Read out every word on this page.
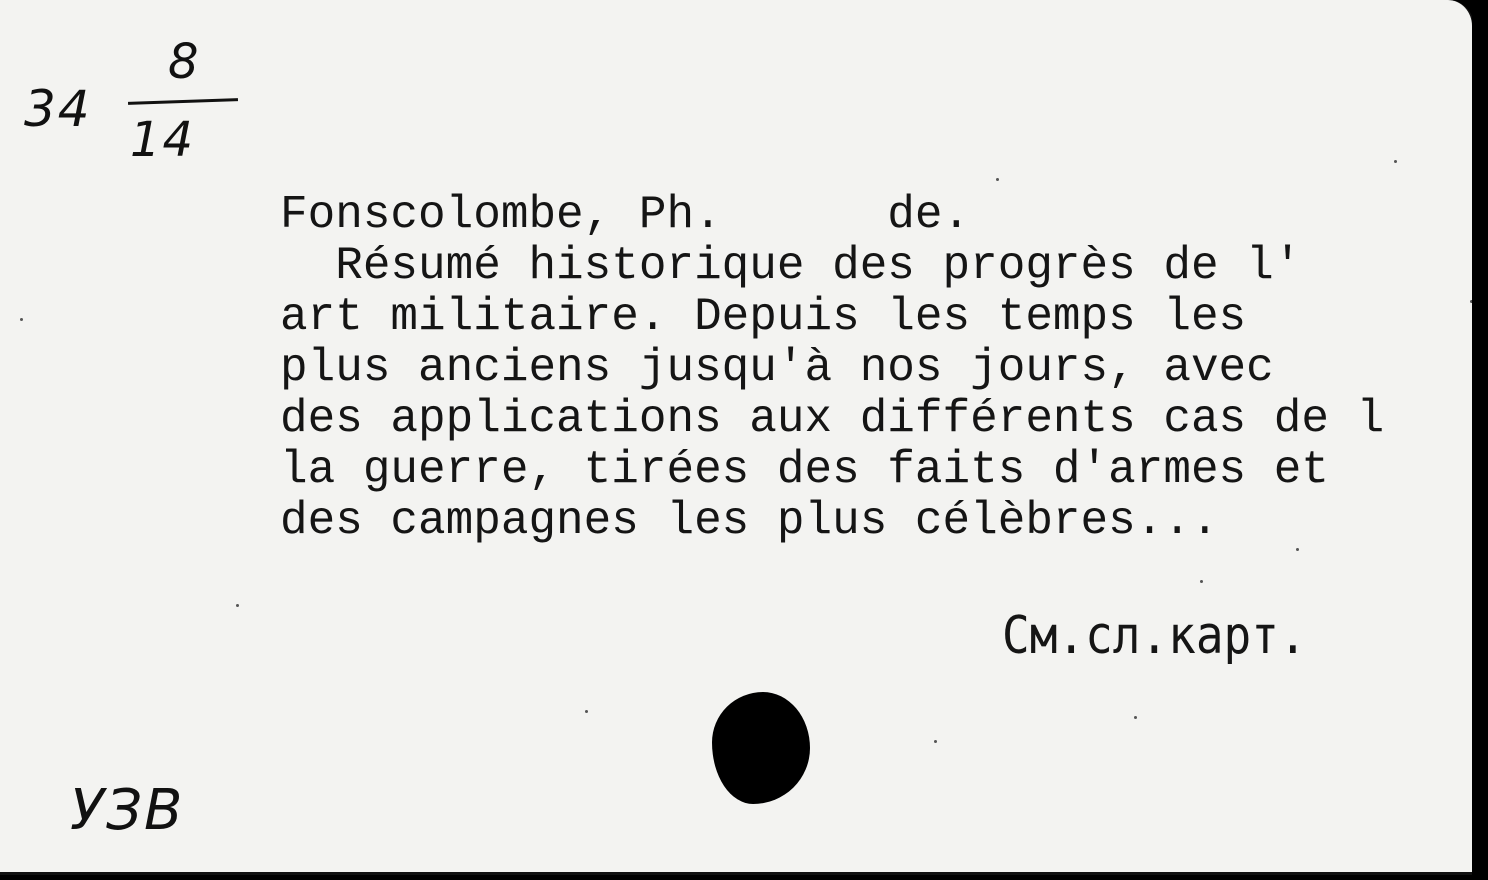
34
8
14
Fonscolombe, Ph.      de.
Résumé historique des progrès de l'
art militaire. Depuis les temps les
plus anciens jusqu'à nos jours, avec
des applications aux différents cas de l
la guerre, tirées des faits d'armes et
des campagnes les plus célèbres...
См.сл.карт.
УЗВ
